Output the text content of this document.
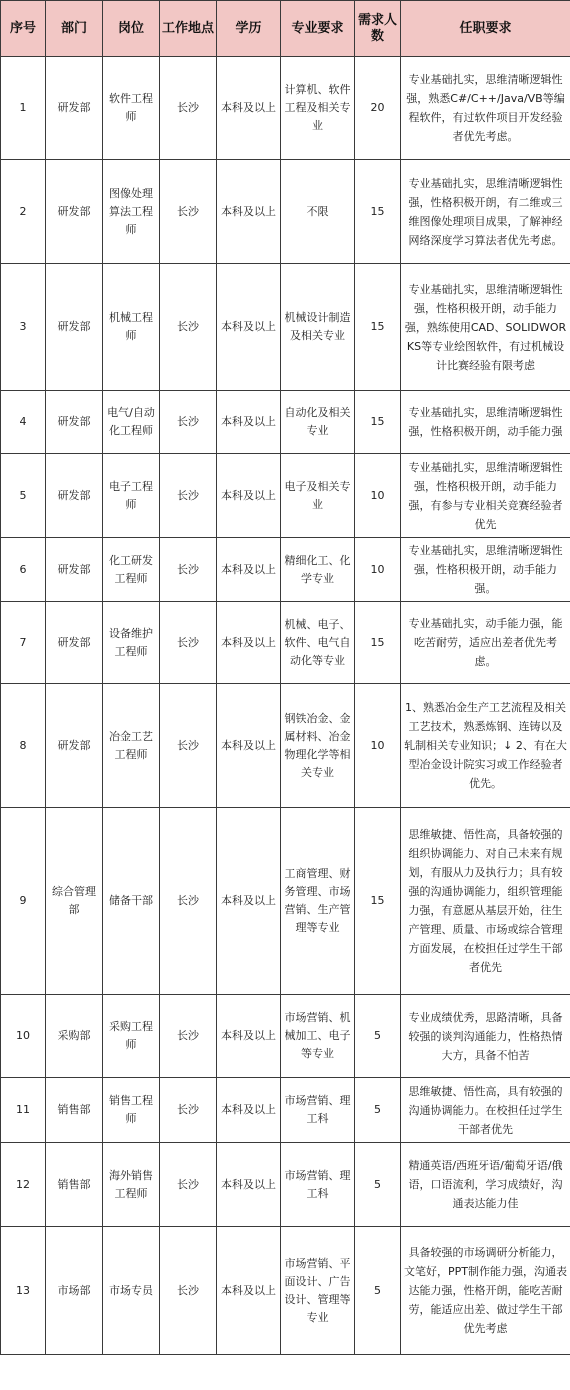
序号	部门	岗位	工作地点	学历	专业要求	需求人数	任职要求
1	研发部	软件工程师	长沙	本科及以上	计算机、软件工程及相关专业	20	专业基础扎实，思维清晰逻辑性强，熟悉C#/C++/Java/VB等编程软件，有过软件项目开发经验者优先考虑。
2	研发部	图像处理算法工程师	长沙	本科及以上	不限	15	专业基础扎实，思维清晰逻辑性强，性格积极开朗，有二维或三维图像处理项目成果，了解神经网络深度学习算法者优先考虑。
3	研发部	机械工程师	长沙	本科及以上	机械设计制造及相关专业	15	专业基础扎实，思维清晰逻辑性强，性格积极开朗，动手能力强，熟练使用CAD、SOLIDWORKS等专业绘图软件，有过机械设计比赛经验有限考虑
4	研发部	电气/自动化工程师	长沙	本科及以上	自动化及相关专业	15	专业基础扎实，思维清晰逻辑性强，性格积极开朗，动手能力强
5	研发部	电子工程师	长沙	本科及以上	电子及相关专业	10	专业基础扎实，思维清晰逻辑性强，性格积极开朗，动手能力强，有参与专业相关竞赛经验者优先
6	研发部	化工研发工程师	长沙	本科及以上	精细化工、化学专业	10	专业基础扎实，思维清晰逻辑性强，性格积极开朗，动手能力强。
7	研发部	设备维护工程师	长沙	本科及以上	机械、电子、软件、电气自动化等专业	15	专业基础扎实，动手能力强，能吃苦耐劳，适应出差者优先考虑。
8	研发部	冶金工艺工程师	长沙	本科及以上	钢铁冶金、金属材料、冶金物理化学等相关专业	10	1、熟悉冶金生产工艺流程及相关工艺技术，熟悉炼钢、连铸以及轧制相关专业知识；↓ 2、有在大型冶金设计院实习或工作经验者优先。
9	综合管理部	储备干部	长沙	本科及以上	工商管理、财务管理、市场营销、生产管理等专业	15	思维敏捷、悟性高，具备较强的组织协调能力、对自己未来有规划，有服从力及执行力；具有较强的沟通协调能力，组织管理能力强，有意愿从基层开始，往生产管理、质量、市场或综合管理方面发展，在校担任过学生干部者优先
10	采购部	采购工程师	长沙	本科及以上	市场营销、机械加工、电子等专业	5	专业成绩优秀，思路清晰，具备较强的谈判沟通能力，性格热情大方，具备不怕苦
11	销售部	销售工程师	长沙	本科及以上	市场营销、理工科	5	思维敏捷、悟性高，具有较强的沟通协调能力。在校担任过学生干部者优先
12	销售部	海外销售工程师	长沙	本科及以上	市场营销、理工科	5	精通英语/西班牙语/葡萄牙语/俄语，口语流利，学习成绩好，沟通表达能力佳
13	市场部	市场专员	长沙	本科及以上	市场营销、平面设计、广告设计、管理等专业	5	具备较强的市场调研分析能力，文笔好，PPT制作能力强，沟通表达能力强，性格开朗，能吃苦耐劳，能适应出差、做过学生干部优先考虑
